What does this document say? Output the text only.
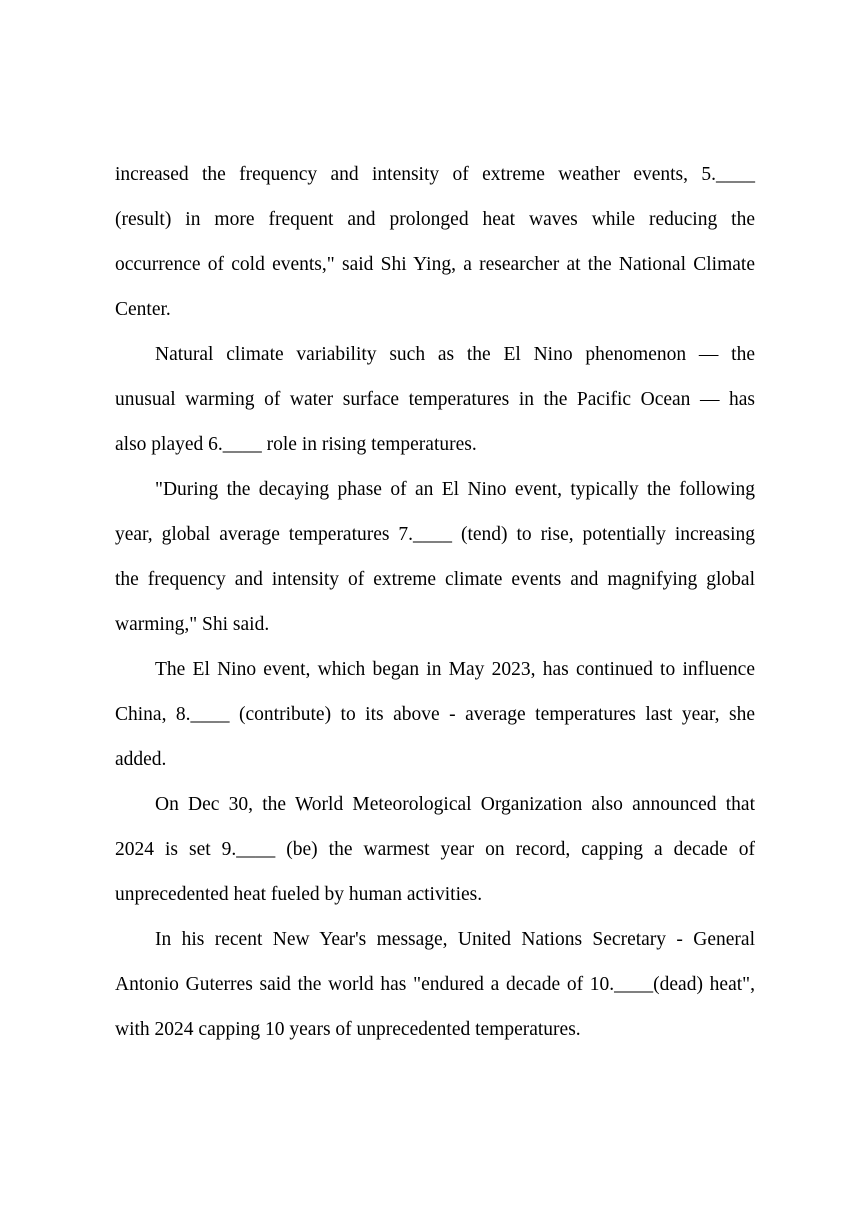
increased the frequency and intensity of extreme weather events, 5.____
(result) in more frequent and prolonged heat waves while reducing the
occurrence of cold events," said Shi Ying, a researcher at the National Climate
Center.
Natural climate variability such as the El Nino phenomenon — the
unusual warming of water surface temperatures in the Pacific Ocean — has
also played 6.____ role in rising temperatures.
"During the decaying phase of an El Nino event, typically the following
year, global average temperatures 7.____ (tend) to rise, potentially increasing
the frequency and intensity of extreme climate events and magnifying global
warming," Shi said.
The El Nino event, which began in May 2023, has continued to influence
China, 8.____ (contribute) to its above - average temperatures last year, she
added.
On Dec 30, the World Meteorological Organization also announced that
2024 is set 9.____ (be) the warmest year on record, capping a decade of
unprecedented heat fueled by human activities.
In his recent New Year's message, United Nations Secretary - General
Antonio Guterres said the world has "endured a decade of 10.____(dead) heat",
with 2024 capping 10 years of unprecedented temperatures.
